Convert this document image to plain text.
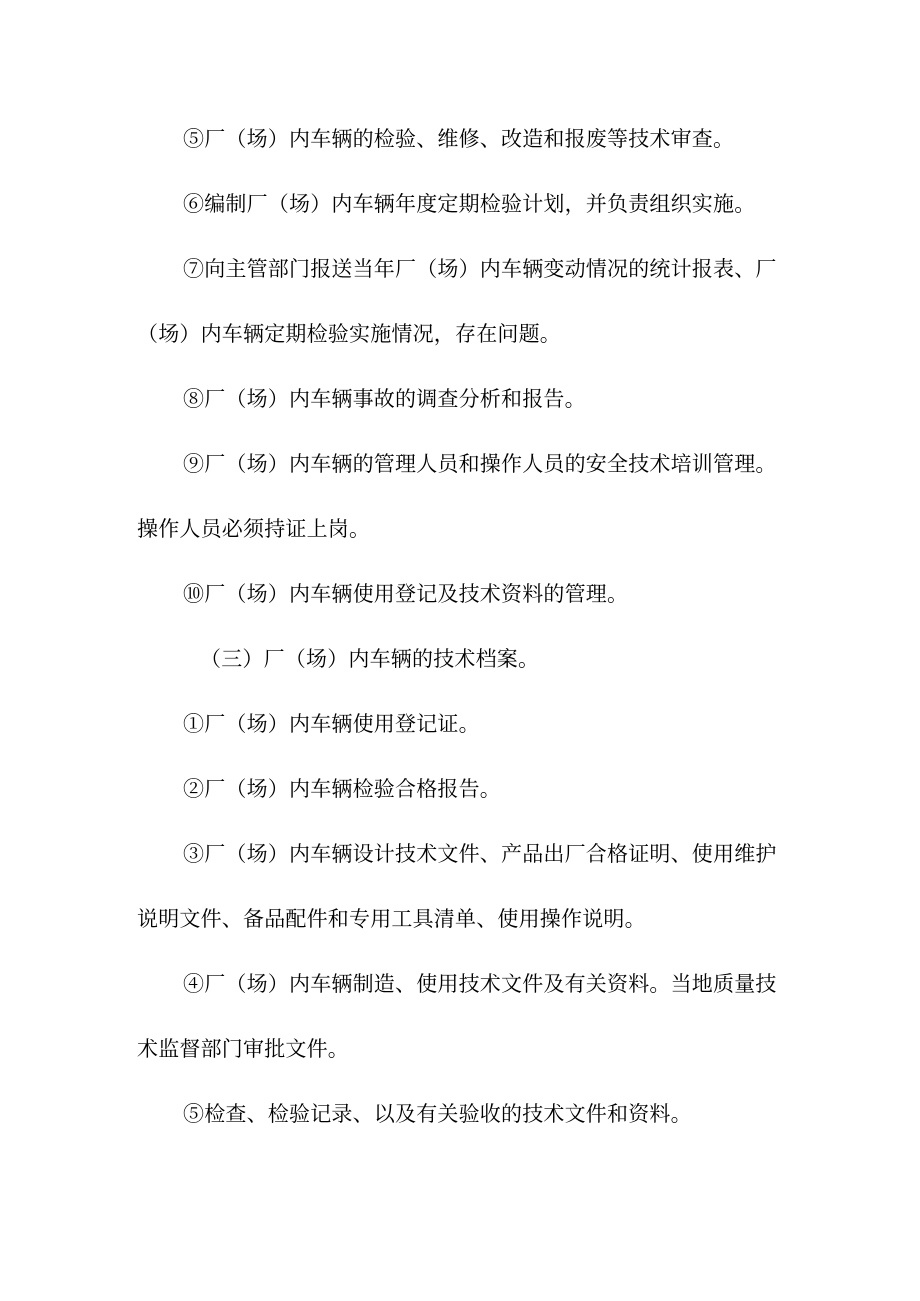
⑤厂（场）内车辆的检验、维修、改造和报废等技术审查。
⑥编制厂（场）内车辆年度定期检验计划，并负责组织实施。
⑦向主管部门报送当年厂（场）内车辆变动情况的统计报表、厂
（场）内车辆定期检验实施情况，存在问题。
⑧厂（场）内车辆事故的调查分析和报告。
⑨厂（场）内车辆的管理人员和操作人员的安全技术培训管理。
操作人员必须持证上岗。
⑩厂（场）内车辆使用登记及技术资料的管理。
（三）厂（场）内车辆的技术档案。
①厂（场）内车辆使用登记证。
②厂（场）内车辆检验合格报告。
③厂（场）内车辆设计技术文件、产品出厂合格证明、使用维护
说明文件、备品配件和专用工具清单、使用操作说明。
④厂（场）内车辆制造、使用技术文件及有关资料。当地质量技
术监督部门审批文件。
⑤检查、检验记录、以及有关验收的技术文件和资料。
